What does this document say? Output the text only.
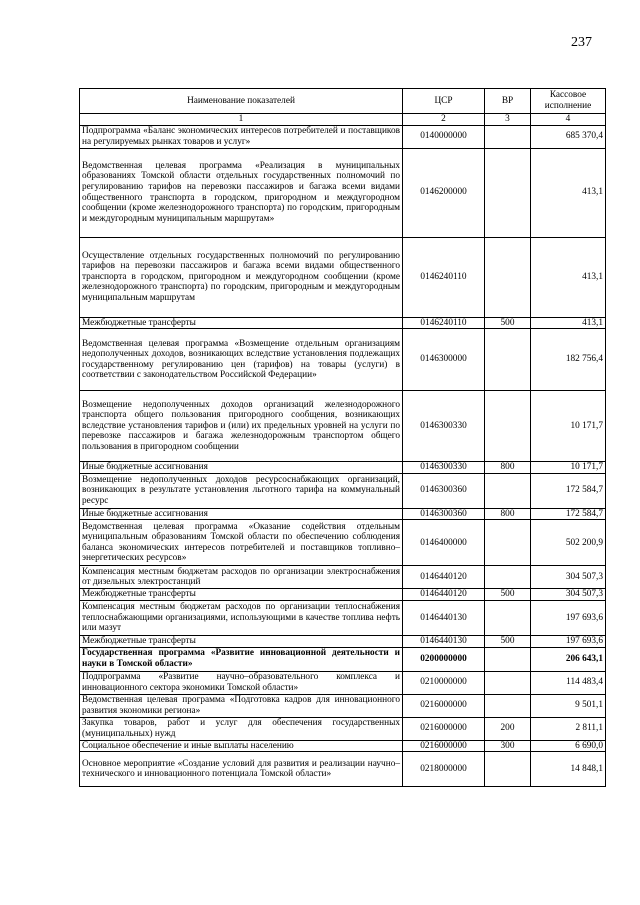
237
Наименование показателей	ЦСР	ВР	Кассовое исполнение
1	2	3	4
Подпрограмма «Баланс экономических интересов потребителей и поставщиков на регулируемых рынках товаров и услуг»	0140000000		685 370,4
Ведомственная целевая программа «Реализация в муниципальных образованиях Томской области отдельных государственных полномочий по регулированию тарифов на перевозки пассажиров и багажа всеми видами общественного транспорта в городском, пригородном и междугородном сообщении (кроме железнодорожного транспорта) по городским, пригородным и междугородным муниципальным маршрутам»	0146200000		413,1
Осуществление отдельных государственных полномочий по регулированию тарифов на перевозки пассажиров и багажа всеми видами общественного транспорта в городском, пригородном и междугородном сообщении (кроме железнодорожного транспорта) по городским, пригородным и междугородным муниципальным маршрутам	0146240110		413,1
Межбюджетные трансферты	0146240110	500	413,1
Ведомственная целевая программа «Возмещение отдельным организациям недополученных доходов, возникающих вследствие установления подлежащих государственному регулированию цен (тарифов) на товары (услуги) в соответствии с законодательством Российской Федерации»	0146300000		182 756,4
Возмещение недополученных доходов организаций железнодорожного транспорта общего пользования пригородного сообщения, возникающих вследствие установления тарифов и (или) их предельных уровней на услуги по перевозке пассажиров и багажа железнодорожным транспортом общего пользования в пригородном сообщении	0146300330		10 171,7
Иные бюджетные ассигнования	0146300330	800	10 171,7
Возмещение недополученных доходов ресурсоснабжающих организаций, возникающих в результате установления льготного тарифа на коммунальный ресурс	0146300360		172 584,7
Иные бюджетные ассигнования	0146300360	800	172 584,7
Ведомственная целевая программа «Оказание содействия отдельным муниципальным образованиям Томской области по обеспечению соблюдения баланса экономических интересов потребителей и поставщиков топливно–энергетических ресурсов»	0146400000		502 200,9
Компенсация местным бюджетам расходов по организации электроснабжения от дизельных электростанций	0146440120		304 507,3
Межбюджетные трансферты	0146440120	500	304 507,3
Компенсация местным бюджетам расходов по организации теплоснабжения теплоснабжающими организациями, использующими в качестве топлива нефть или мазут	0146440130		197 693,6
Межбюджетные трансферты	0146440130	500	197 693,6
Государственная программа «Развитие инновационной деятельности и науки в Томской области»	0200000000		206 643,1
Подпрограмма «Развитие научно–образовательного комплекса и инновационного сектора экономики Томской области»	0210000000		114 483,4
Ведомственная целевая программа «Подготовка кадров для инновационного развития экономики региона»	0216000000		9 501,1
Закупка товаров, работ и услуг для обеспечения государственных (муниципальных) нужд	0216000000	200	2 811,1
Социальное обеспечение и иные выплаты населению	0216000000	300	6 690,0
Основное мероприятие «Создание условий для развития и реализации научно–технического и инновационного потенциала Томской области»	0218000000		14 848,1
